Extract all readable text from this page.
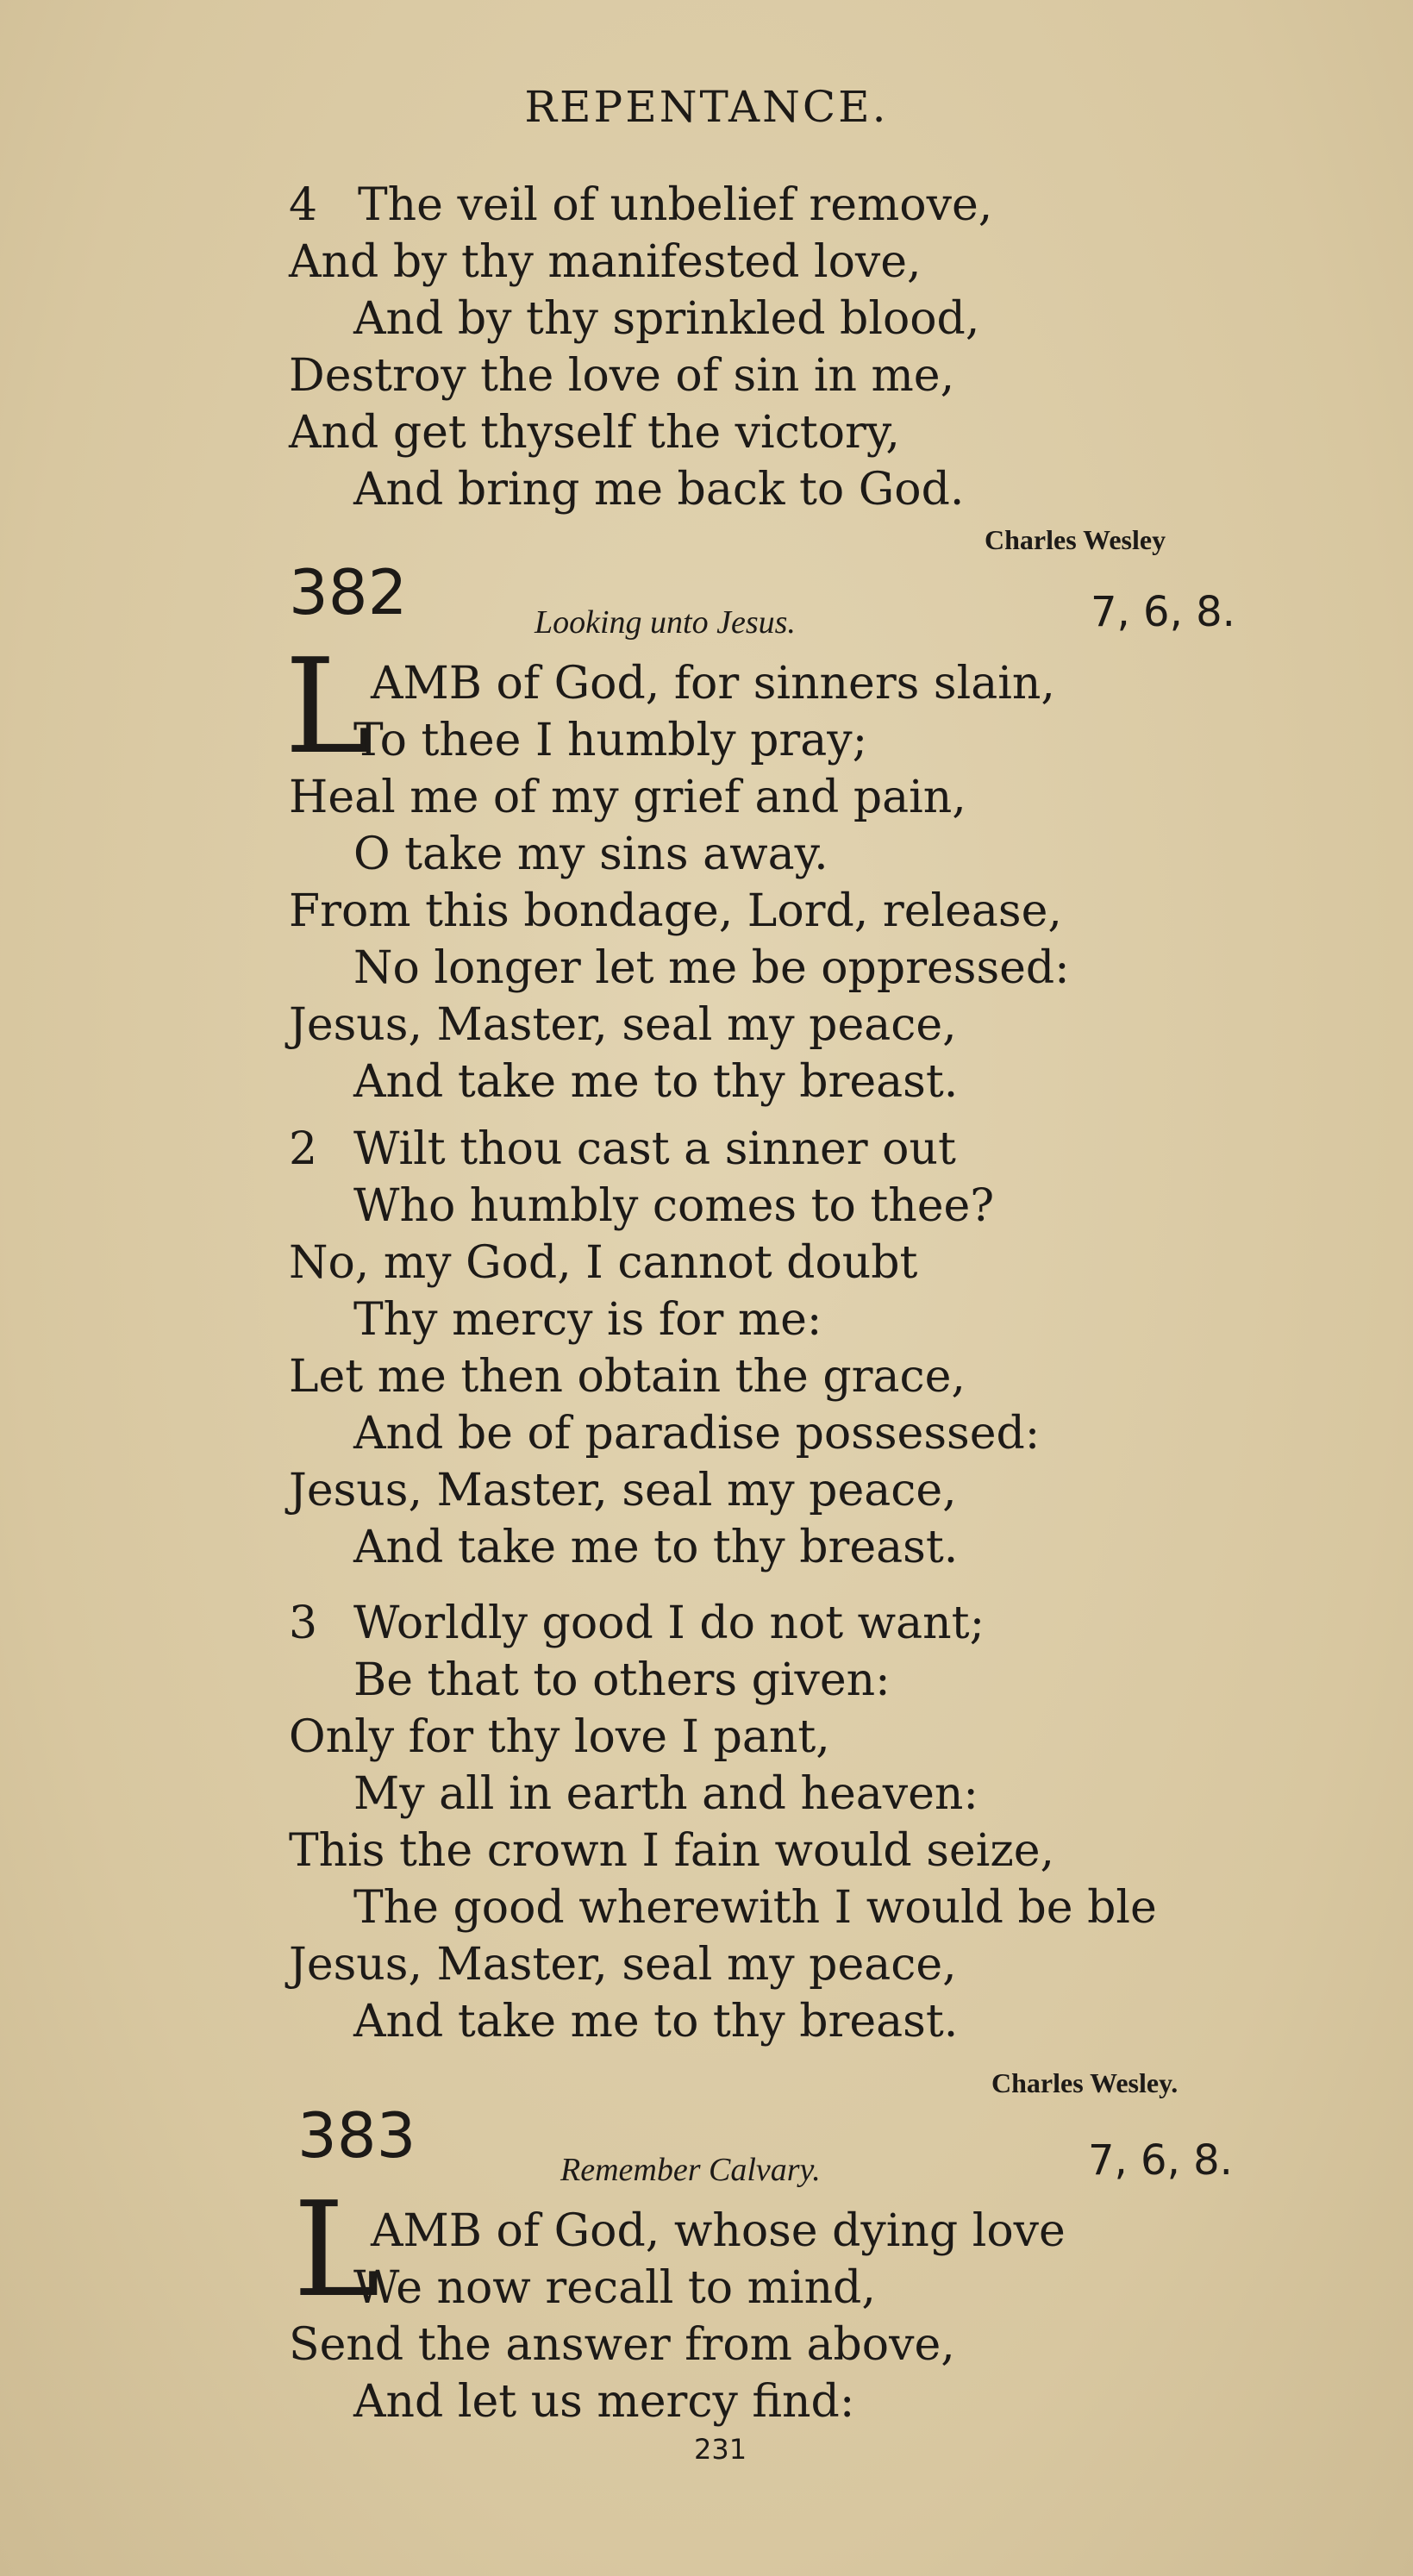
REPENTANCE.
4 The veil of unbelief remove,
And by thy manifested love,
And by thy sprinkled blood,
Destroy the love of sin in me,
And get thyself the victory,
And bring me back to God.
Charles Wesley
382	Looking unto Jesus.	7, 6, 8.
L AMB of God, for sinners slain,
To thee I humbly pray;
Heal me of my grief and pain,
O take my sins away.
From this bondage, Lord, release,
No longer let me be oppressed:
Jesus, Master, seal my peace,
And take me to thy breast.
2 Wilt thou cast a sinner out
Who humbly comes to thee?
No, my God, I cannot doubt
Thy mercy is for me:
Let me then obtain the grace,
And be of paradise possessed:
Jesus, Master, seal my peace,
And take me to thy breast.
3 Worldly good I do not want;
Be that to others given:
Only for thy love I pant,
My all in earth and heaven:
This the crown I fain would seize,
The good wherewith I would be ble
Jesus, Master, seal my peace,
And take me to thy breast.
Charles Wesley.
383	Remember Calvary.	7, 6, 8.
L
AMB of God, whose dying love
We now recall to mind,
Send the answer from above,
And let us mercy find:
231
